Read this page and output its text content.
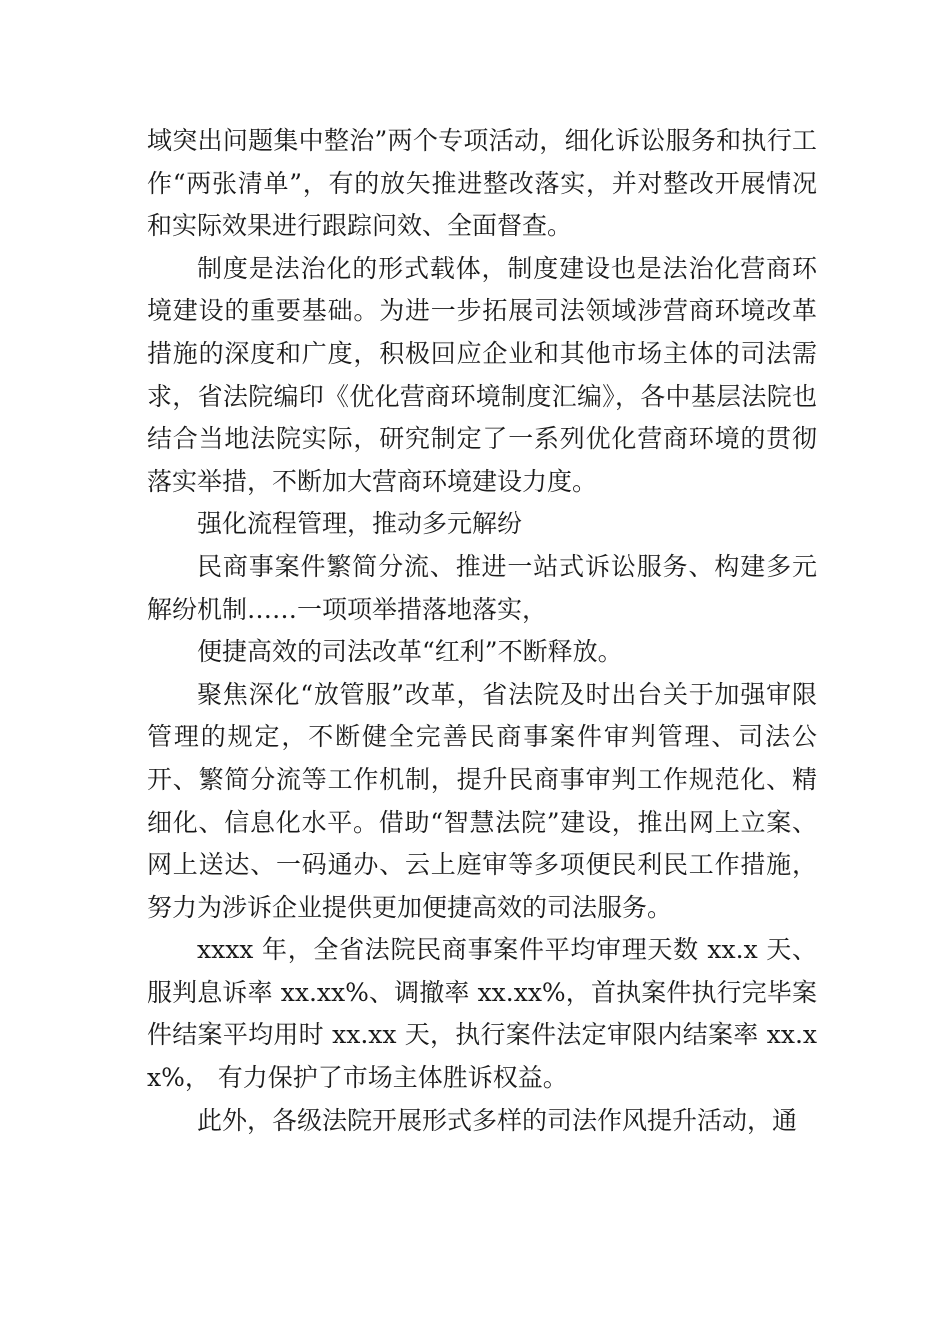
域突出问题集中整治”两个专项活动，细化诉讼服务和执行工作“两张清单”，有的放矢推进整改落实，并对整改开展情况和实际效果进行跟踪问效、全面督查。

制度是法治化的形式载体，制度建设也是法治化营商环境建设的重要基础。为进一步拓展司法领域涉营商环境改革措施的深度和广度，积极回应企业和其他市场主体的司法需求，省法院编印《优化营商环境制度汇编》，各中基层法院也结合当地法院实际，研究制定了一系列优化营商环境的贯彻落实举措，不断加大营商环境建设力度。

强化流程管理，推动多元解纷

民商事案件繁简分流、推进一站式诉讼服务、构建多元解纷机制……一项项举措落地落实，

便捷高效的司法改革“红利”不断释放。

聚焦深化“放管服”改革，省法院及时出台关于加强审限管理的规定，不断健全完善民商事案件审判管理、司法公开、繁简分流等工作机制，提升民商事审判工作规范化、精细化、信息化水平。借助“智慧法院”建设，推出网上立案、网上送达、一码通办、云上庭审等多项便民利民工作措施， 努力为涉诉企业提供更加便捷高效的司法服务。

xxxx 年，全省法院民商事案件平均审理天数 xx.x 天、服判息诉率 xx.xx%、调撤率 xx.xx%，首执案件执行完毕案件结案平均用时 xx.xx 天，执行案件法定审限内结案率 xx.xx%， 有力保护了市场主体胜诉权益。

此外，各级法院开展形式多样的司法作风提升活动，通
